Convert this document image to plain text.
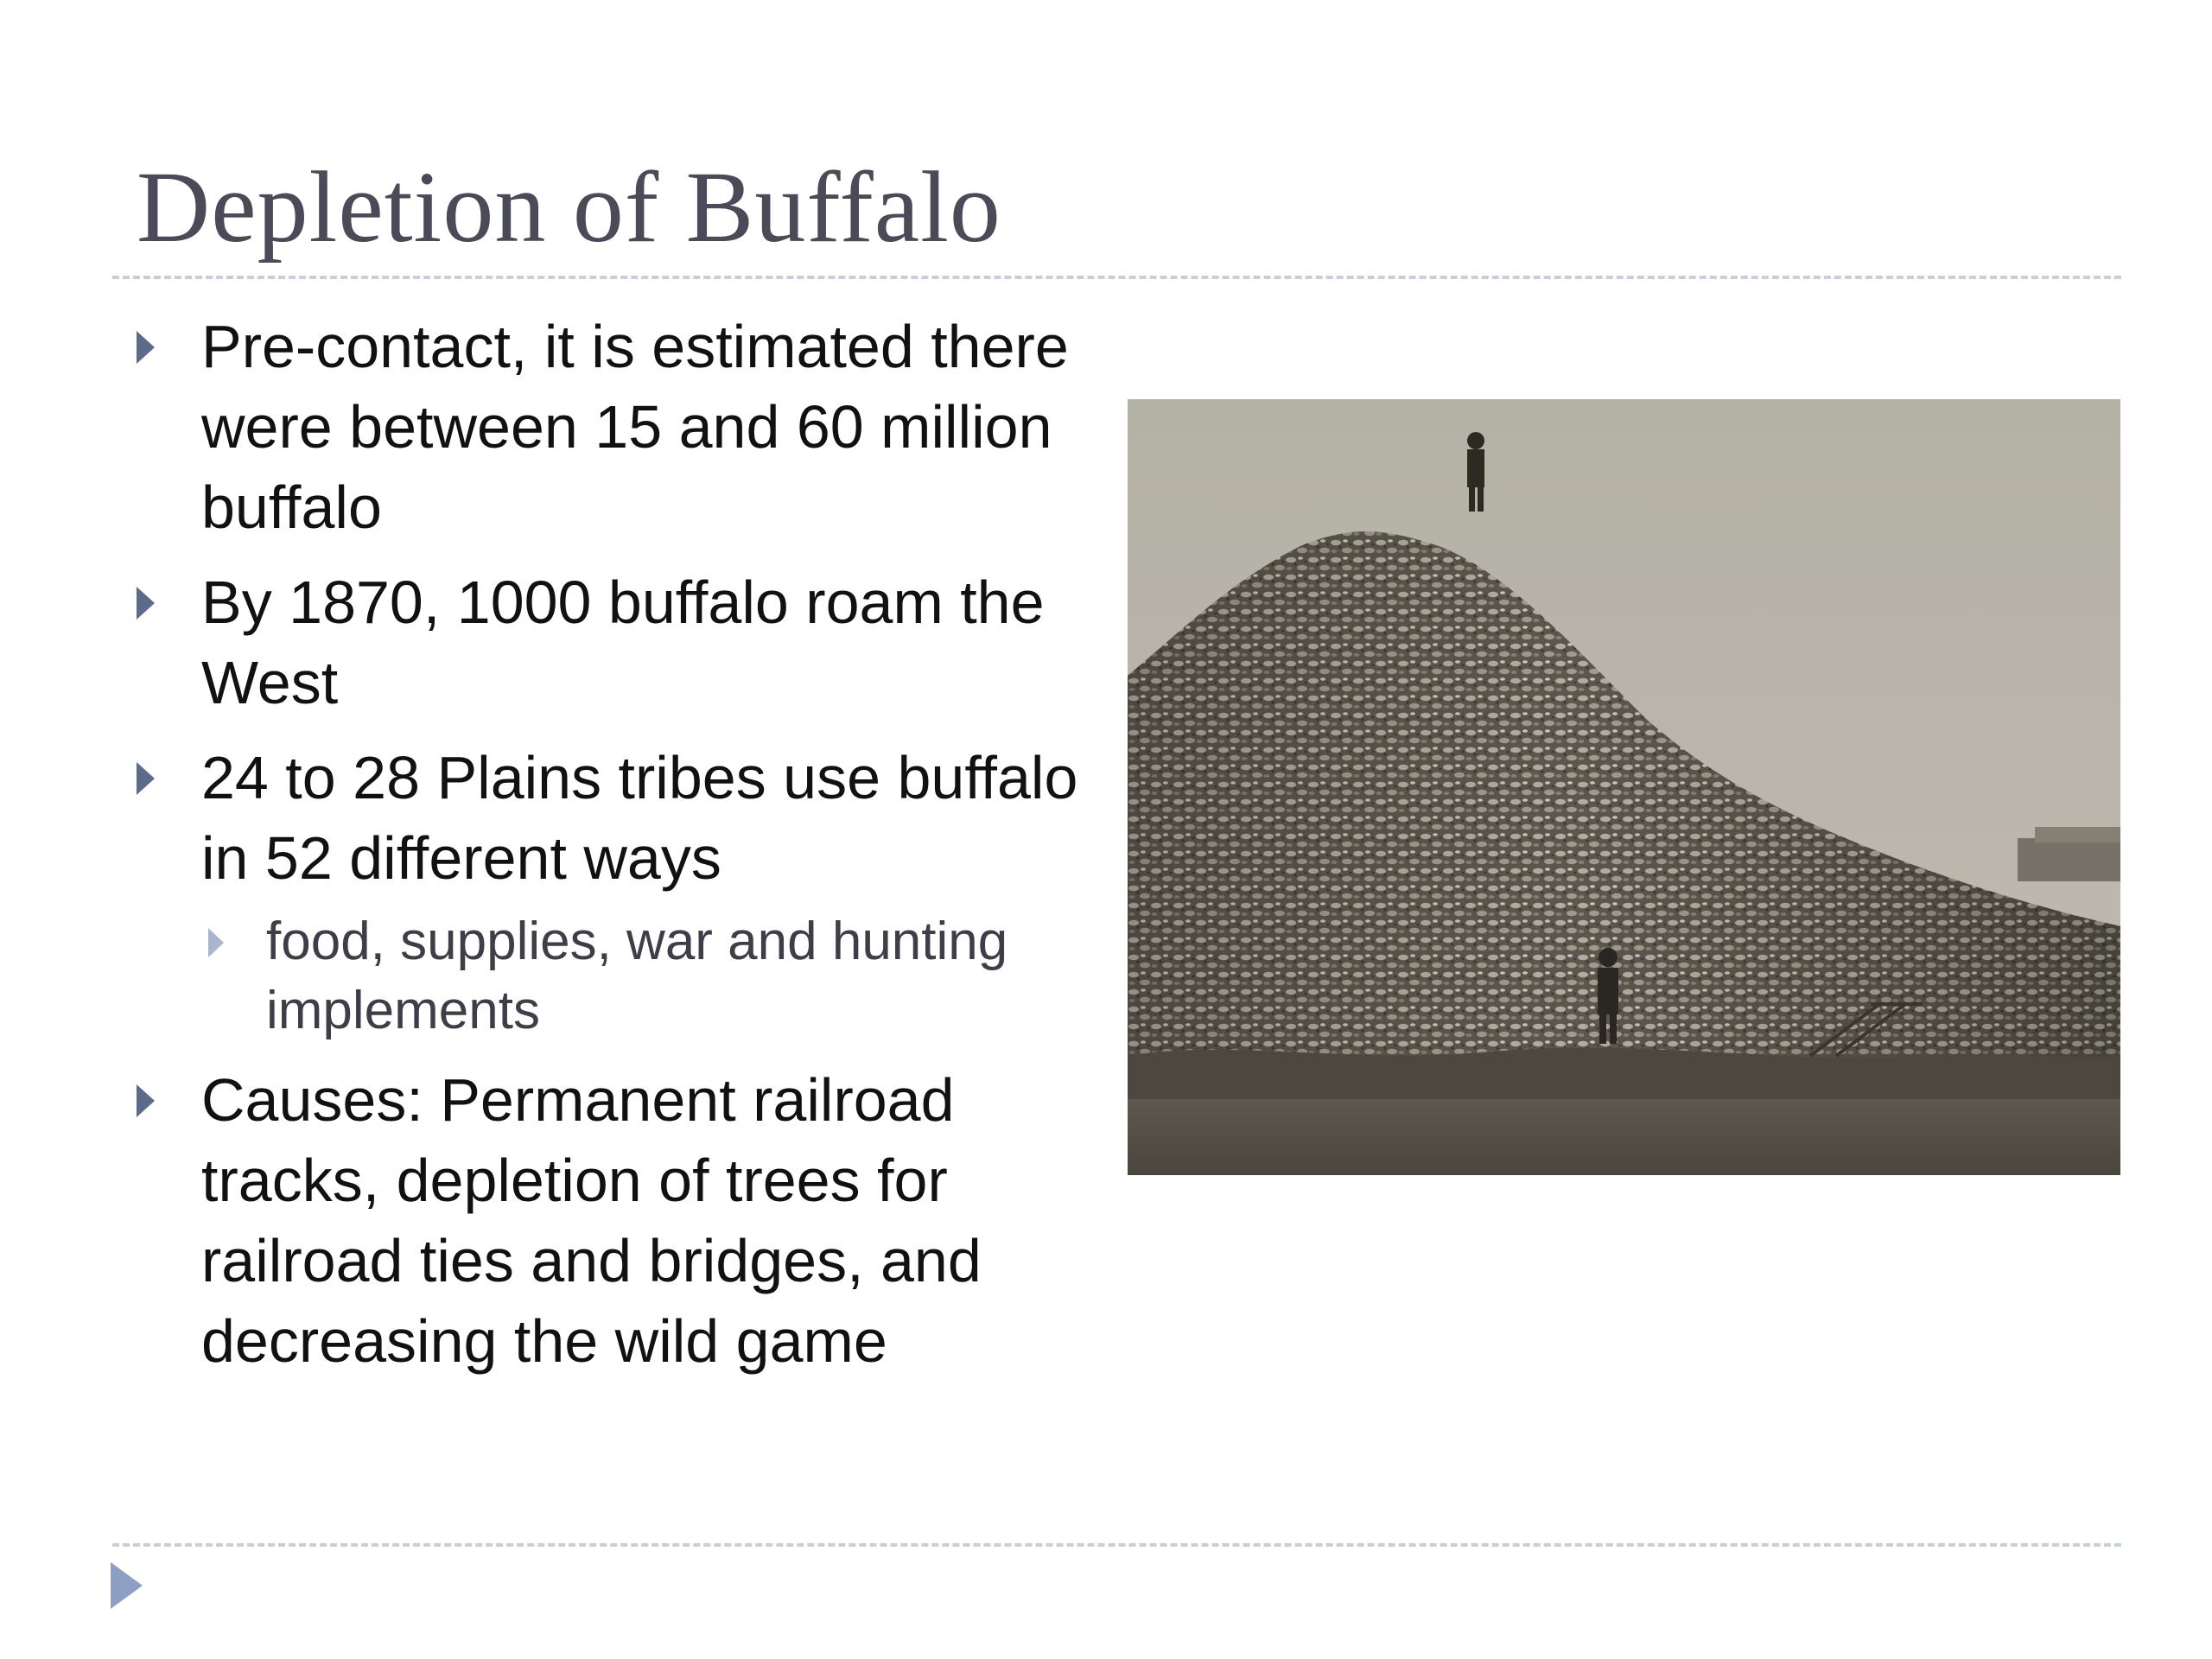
Depletion of Buffalo
Pre-contact, it is estimated there were between 15 and 60 million buffalo
By 1870, 1000 buffalo roam the West
24 to 28 Plains tribes use buffalo in 52 different ways
food, supplies, war and hunting implements
Causes: Permanent railroad tracks, depletion of trees for railroad ties and bridges, and decreasing the wild game
